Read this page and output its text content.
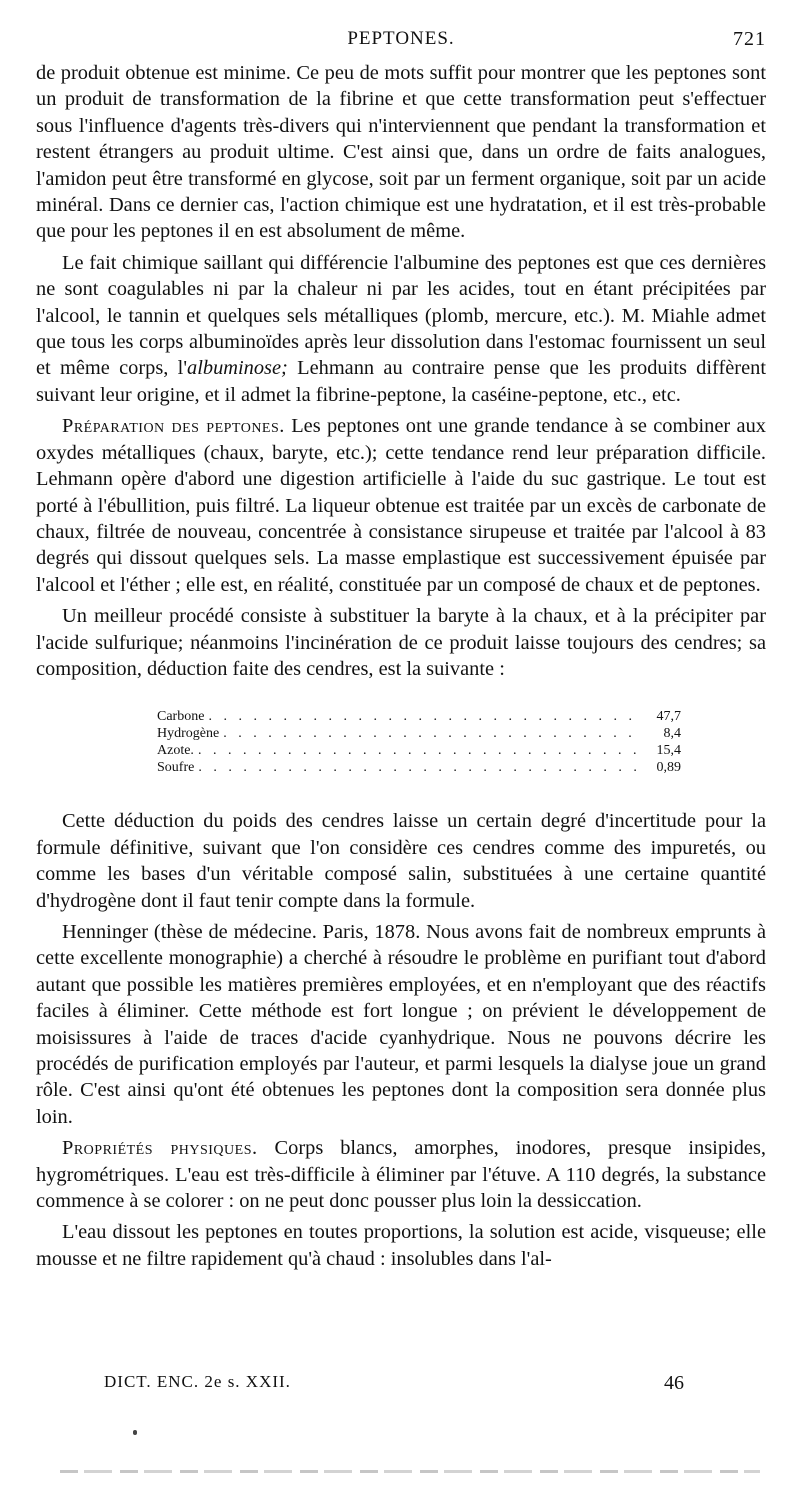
PEPTONES.	721

de produit obtenue est minime. Ce peu de mots suffit pour montrer que les peptones sont un produit de transformation de la fibrine et que cette transformation peut s'effectuer sous l'influence d'agents très-divers qui n'interviennent que pendant la transformation et restent étrangers au produit ultime. C'est ainsi que, dans un ordre de faits analogues, l'amidon peut être transformé en glycose, soit par un ferment organique, soit par un acide minéral. Dans ce dernier cas, l'action chimique est une hydratation, et il est très-probable que pour les peptones il en est absolument de même.

Le fait chimique saillant qui différencie l'albumine des peptones est que ces dernières ne sont coagulables ni par la chaleur ni par les acides, tout en étant précipitées par l'alcool, le tannin et quelques sels métalliques (plomb, mercure, etc.). M. Miahle admet que tous les corps albuminoïdes après leur dissolution dans l'estomac fournissent un seul et même corps, l'albuminose; Lehmann au contraire pense que les produits diffèrent suivant leur origine, et il admet la fibrine-peptone, la caséine-peptone, etc., etc.

Préparation des peptones. Les peptones ont une grande tendance à se combiner aux oxydes métalliques (chaux, baryte, etc.); cette tendance rend leur préparation difficile. Lehmann opère d'abord une digestion artificielle à l'aide du suc gastrique. Le tout est porté à l'ébullition, puis filtré. La liqueur obtenue est traitée par un excès de carbonate de chaux, filtrée de nouveau, concentrée à consistance sirupeuse et traitée par l'alcool à 83 degrés qui dissout quelques sels. La masse emplastique est successivement épuisée par l'alcool et l'éther ; elle est, en réalité, constituée par un composé de chaux et de peptones.

Un meilleur procédé consiste à substituer la baryte à la chaux, et à la précipiter par l'acide sulfurique; néanmoins l'incinération de ce produit laisse toujours des cendres; sa composition, déduction faite des cendres, est la suivante :

Carbone . . .	47,7
Hydrogène . . .	8,4
Azote. . . .	15,4
Soufre . . .	0,89

Cette déduction du poids des cendres laisse un certain degré d'incertitude pour la formule définitive, suivant que l'on considère ces cendres comme des impuretés, ou comme les bases d'un véritable composé salin, substituées à une certaine quantité d'hydrogène dont il faut tenir compte dans la formule.

Henninger (thèse de médecine. Paris, 1878. Nous avons fait de nombreux emprunts à cette excellente monographie) a cherché à résoudre le problème en purifiant tout d'abord autant que possible les matières premières employées, et en n'employant que des réactifs faciles à éliminer. Cette méthode est fort longue ; on prévient le développement de moisissures à l'aide de traces d'acide cyanhydrique. Nous ne pouvons décrire les procédés de purification employés par l'auteur, et parmi lesquels la dialyse joue un grand rôle. C'est ainsi qu'ont été obtenues les peptones dont la composition sera donnée plus loin.

Propriétés physiques. Corps blancs, amorphes, inodores, presque insipides, hygrométriques. L'eau est très-difficile à éliminer par l'étuve. A 110 degrés, la substance commence à se colorer : on ne peut donc pousser plus loin la dessiccation.

L'eau dissout les peptones en toutes proportions, la solution est acide, visqueuse; elle mousse et ne filtre rapidement qu'à chaud : insolubles dans l'al-

DICT. ENC. 2e s. XXII.	46
